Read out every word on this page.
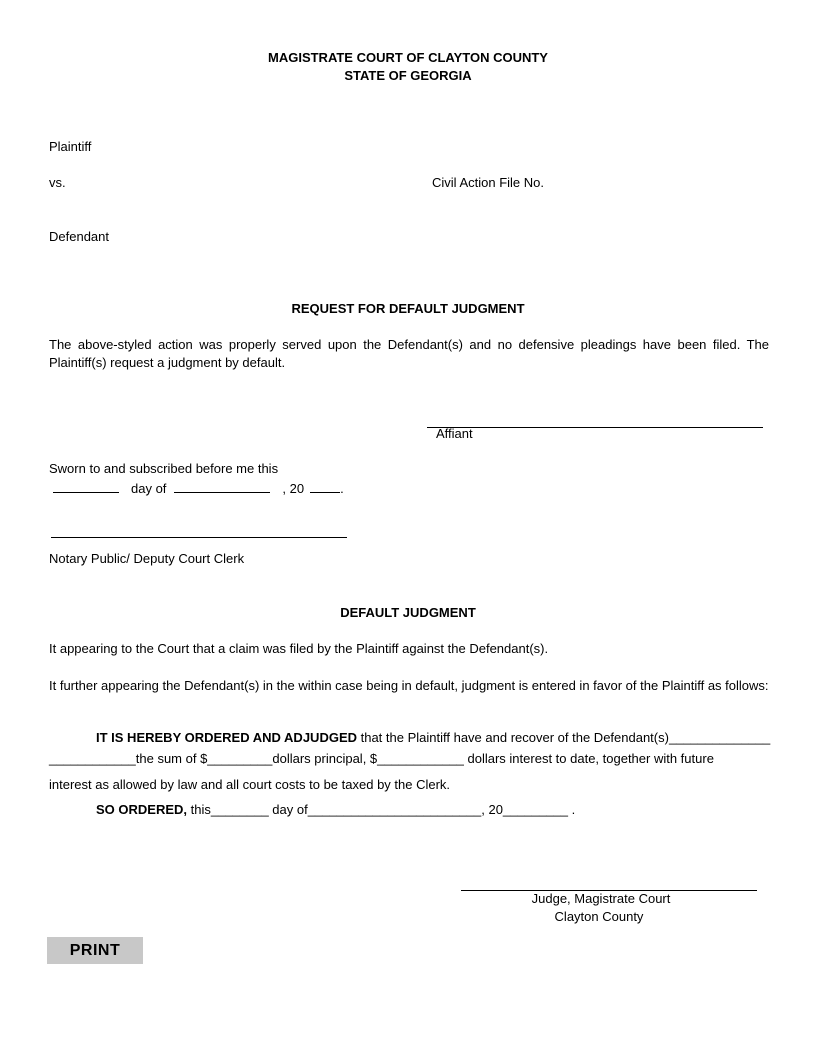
MAGISTRATE COURT OF CLAYTON COUNTY
STATE OF GEORGIA
Plaintiff
vs.	Civil Action File No.
Defendant
REQUEST FOR DEFAULT JUDGMENT
The above-styled action was properly served upon the Defendant(s) and no defensive pleadings have been filed. The Plaintiff(s) request a judgment by default.
Affiant
Sworn to and subscribed before me this
day of	, 20	.
Notary Public/ Deputy Court Clerk
DEFAULT JUDGMENT
It appearing to the Court that a claim was filed by the Plaintiff against the Defendant(s).
It further appearing the Defendant(s) in the within case being in default, judgment is entered in favor of the Plaintiff as follows:
IT IS HEREBY ORDERED AND ADJUDGED that the Plaintiff have and recover of the Defendant(s)______________
____________the sum of $_________dollars principal, $____________ dollars interest to date, together with future
interest as allowed by law and all court costs to be taxed by the Clerk.
SO ORDERED, this________ day of________________________, 20_________ .
Judge, Magistrate Court
Clayton County
PRINT
